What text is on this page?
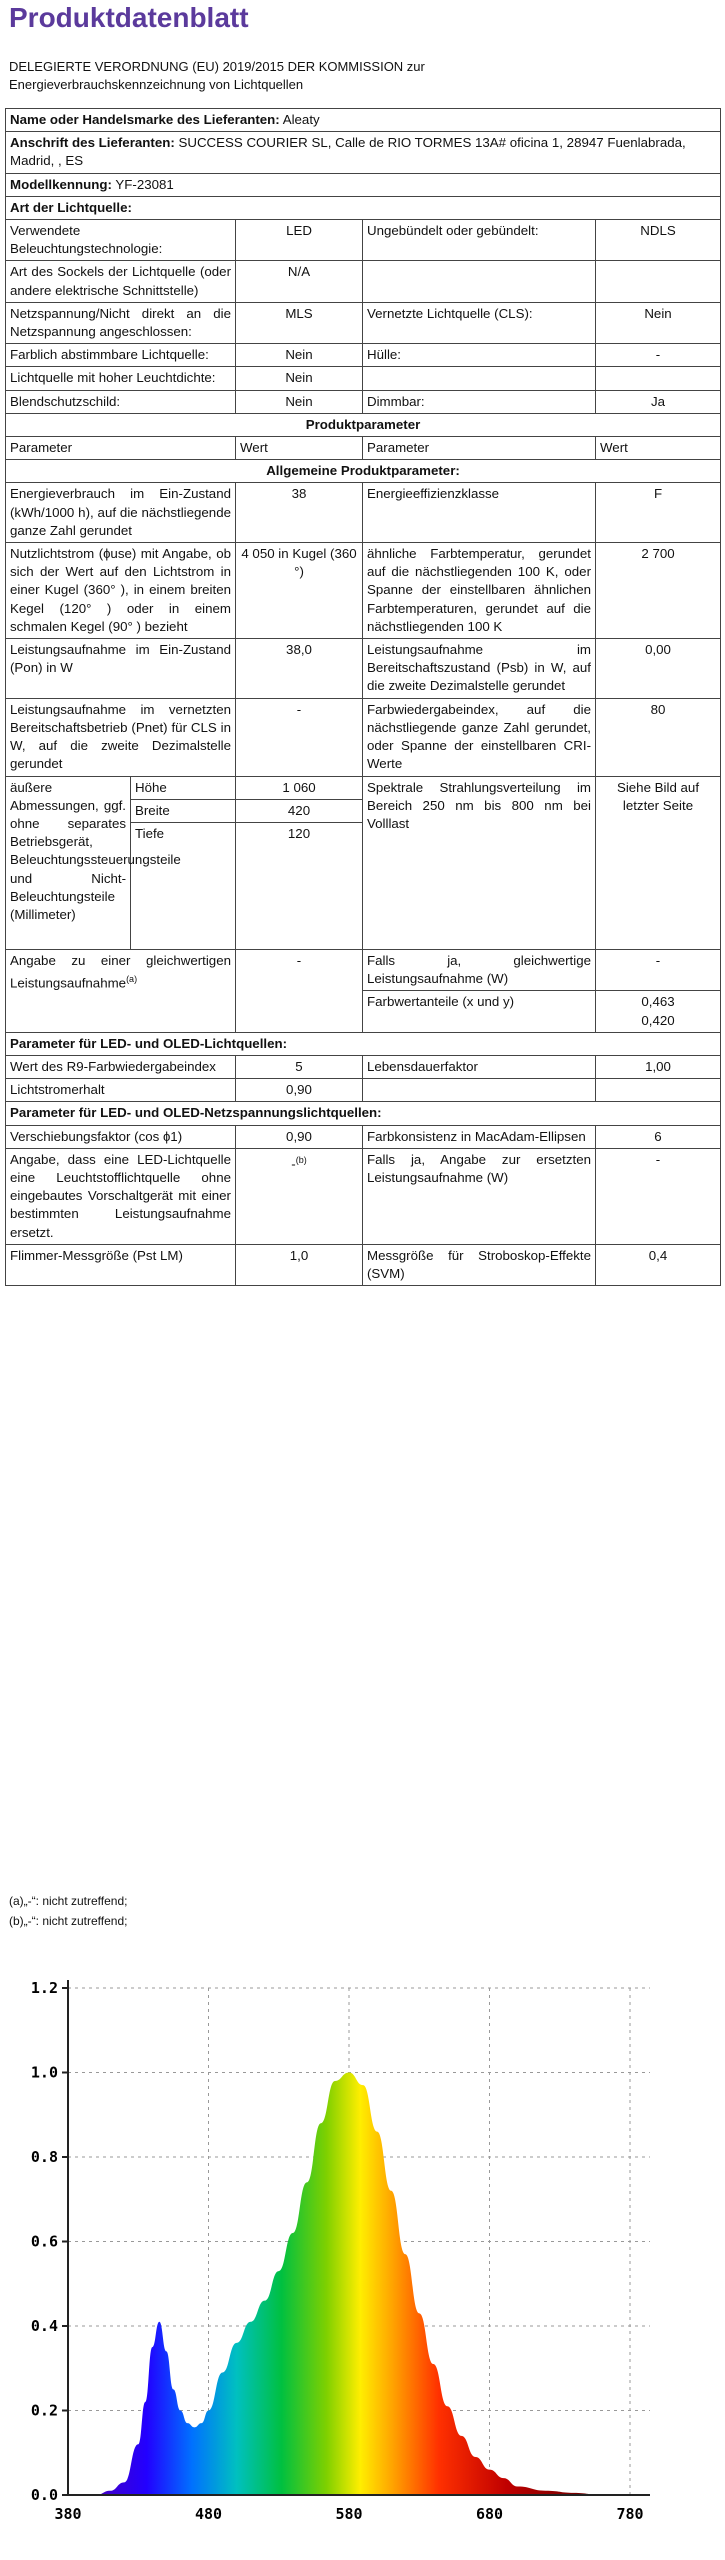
Produktdatenblatt
DELEGIERTE VERORDNUNG (EU) 2019/2015 DER KOMMISSION zur
Energieverbrauchskennzeichnung von Lichtquellen
Name oder Handelsmarke des Lieferanten: Aleaty				
Anschrift des Lieferanten: SUCCESS COURIER SL, Calle de RIO TORMES 13A# oficina 1, 28947 Fuenlabrada, Madrid, , ES				
Modellkennung: YF-23081				
Art der Lichtquelle:				
Verwendete Beleuchtungstechnologie:		LED	Ungebündelt oder gebündelt:	NDLS
Art des Sockels der Lichtquelle (oder andere elektrische Schnittstelle)		N/A		
Netzspannung/Nicht direkt an die Netzspannung angeschlossen:		MLS	Vernetzte Lichtquelle (CLS):	Nein
Farblich abstimmbare Lichtquelle:		Nein	Hülle:	-
Lichtquelle mit hoher Leuchtdichte:		Nein		
Blendschutzschild:		Nein	Dimmbar:	Ja
Produktparameter				
Parameter		Wert	Parameter	Wert
Allgemeine Produktparameter:				
Energieverbrauch im Ein-Zustand (kWh/1000 h), auf die nächstliegende ganze Zahl gerundet		38	Energieeffizienzklasse	F
Nutzlichtstrom (ɸuse) mit Angabe, ob sich der Wert auf den Lichtstrom in einer Kugel (360° ), in einem breiten Kegel (120° ) oder in einem schmalen Kegel (90° ) bezieht		4 050 in Kugel (360 °)	ähnliche Farbtemperatur, gerundet auf die nächstliegenden 100 K, oder Spanne der einstellbaren ähnlichen Farbtemperaturen, gerundet auf die nächstliegenden 100 K	2 700
Leistungsaufnahme im Ein-Zustand (Pon) in W		38,0	Leistungsaufnahme im Bereitschaftszustand (Psb) in W, auf die zweite Dezimalstelle gerundet	0,00
Leistungsaufnahme im vernetzten Bereitschaftsbetrieb (Pnet) für CLS in W, auf die zweite Dezimalstelle gerundet		-	Farbwiedergabeindex, auf die nächstliegende ganze Zahl gerundet, oder Spanne der einstellbaren CRI-Werte	80
äußere Abmessungen, ggf. ohne separates Betriebsgerät, Beleuchtungssteuerungsteile und Nicht-Beleuchtungsteile (Millimeter)	Höhe	1 060	Spektrale Strahlungsverteilung im Bereich 250 nm bis 800 nm bei Volllast	Siehe Bild auf letzter Seite
	Breite	420		
	Tiefe	120		
Angabe zu einer gleichwertigen Leistungsaufnahme$^{(a)}$		-	Falls ja, gleichwertige Leistungsaufnahme (W)	-
			Farbwertanteile (x und y)	0,463
0,420

Parameter für LED- und OLED-Lichtquellen:				
Wert des R9-Farbwiedergabeindex		5	Lebensdauerfaktor	1,00
Lichtstromerhalt		0,90		
Parameter für LED- und OLED-Netzspannungslichtquellen:				
Verschiebungsfaktor (cos ɸ1)		0,90	Farbkonsistenz in MacAdam-Ellipsen	6
Angabe, dass eine LED-Lichtquelle eine Leuchtstofflichtquelle ohne eingebautes Vorschaltgerät mit einer bestimmten Leistungsaufnahme ersetzt.		-$^{(b)}$	Falls ja, Angabe zur ersetzten Leistungsaufnahme (W)	-
Flimmer-Messgröße (Pst LM)		1,0	Messgröße für Stroboskop-Effekte (SVM)	0,4
(a)„-“: nicht zutreffend;
(b)„-“: nicht zutreffend;
0.0
0.2
0.4
0.6
0.8
1.0
1.2
380	480	580	680	780
